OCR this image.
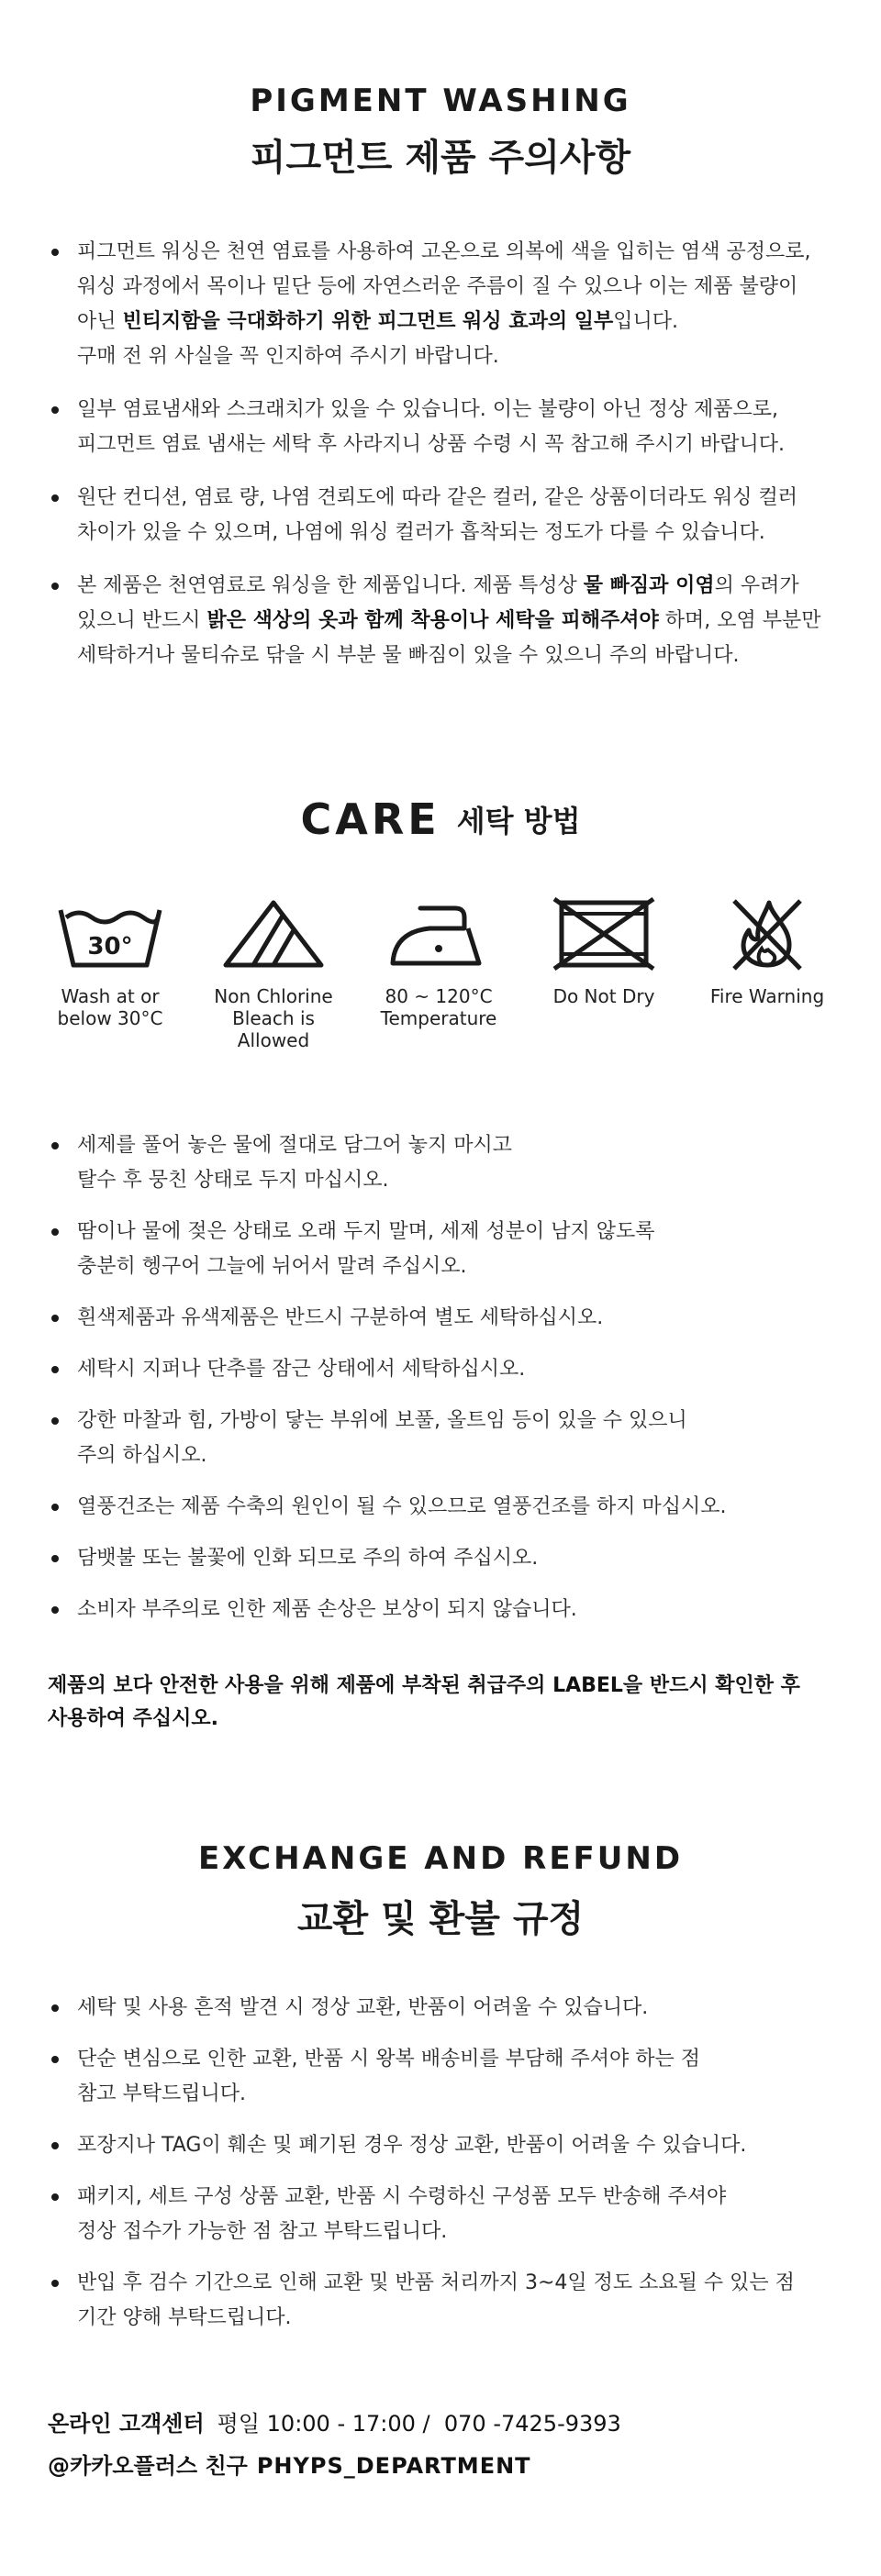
PIGMENT WASHING
피그먼트 제품 주의사항
피그먼트 워싱은 천연 염료를 사용하여 고온으로 의복에 색을 입히는 염색 공정으로,
워싱 과정에서 목이나 밑단 등에 자연스러운 주름이 질 수 있으나 이는 제품 불량이
아닌 빈티지함을 극대화하기 위한 피그먼트 워싱 효과의 일부입니다.
구매 전 위 사실을 꼭 인지하여 주시기 바랍니다.
일부 염료냄새와 스크래치가 있을 수 있습니다. 이는 불량이 아닌 정상 제품으로,
피그먼트 염료 냄새는 세탁 후 사라지니 상품 수령 시 꼭 참고해 주시기 바랍니다.
원단 컨디션, 염료 량, 나염 견뢰도에 따라 같은 컬러, 같은 상품이더라도 워싱 컬러
차이가 있을 수 있으며, 나염에 워싱 컬러가 흡착되는 정도가 다를 수 있습니다.
본 제품은 천연염료로 워싱을 한 제품입니다. 제품 특성상 물 빠짐과 이염의 우려가
있으니 반드시 밝은 색상의 옷과 함께 착용이나 세탁을 피해주셔야 하며, 오염 부분만
세탁하거나 물티슈로 닦을 시 부분 물 빠짐이 있을 수 있으니 주의 바랍니다.
CARE 세탁 방법
30°
Wash at or
below 30°C
Non Chlorine
Bleach is
Allowed
80 ~ 120°C
Temperature
Do Not Dry	Fire Warning
세제를 풀어 놓은 물에 절대로 담그어 놓지 마시고
탈수 후 뭉친 상태로 두지 마십시오.
땀이나 물에 젖은 상태로 오래 두지 말며, 세제 성분이 남지 않도록
충분히 헹구어 그늘에 뉘어서 말려 주십시오.
흰색제품과 유색제품은 반드시 구분하여 별도 세탁하십시오.
세탁시 지퍼나 단추를 잠근 상태에서 세탁하십시오.
강한 마찰과 힘, 가방이 닿는 부위에 보풀, 올트임 등이 있을 수 있으니
주의 하십시오.
열풍건조는 제품 수축의 원인이 될 수 있으므로 열풍건조를 하지 마십시오.
담뱃불 또는 불꽃에 인화 되므로 주의 하여 주십시오.
소비자 부주의로 인한 제품 손상은 보상이 되지 않습니다.
제품의 보다 안전한 사용을 위해 제품에 부착된 취급주의 LABEL을 반드시 확인한 후
사용하여 주십시오.
EXCHANGE AND REFUND
교환 및 환불 규정
세탁 및 사용 흔적 발견 시 정상 교환, 반품이 어려울 수 있습니다.
단순 변심으로 인한 교환, 반품 시 왕복 배송비를 부담해 주셔야 하는 점
참고 부탁드립니다.
포장지나 TAG이 훼손 및 폐기된 경우 정상 교환, 반품이 어려울 수 있습니다.
패키지, 세트 구성 상품 교환, 반품 시 수령하신 구성품 모두 반송해 주셔야
정상 접수가 가능한 점 참고 부탁드립니다.
반입 후 검수 기간으로 인해 교환 및 반품 처리까지 3~4일 정도 소요될 수 있는 점
기간 양해 부탁드립니다.
온라인 고객센터 평일 10:00 - 17:00 / 070 -7425-9393
@카카오플러스 친구 PHYPS_DEPARTMENT
